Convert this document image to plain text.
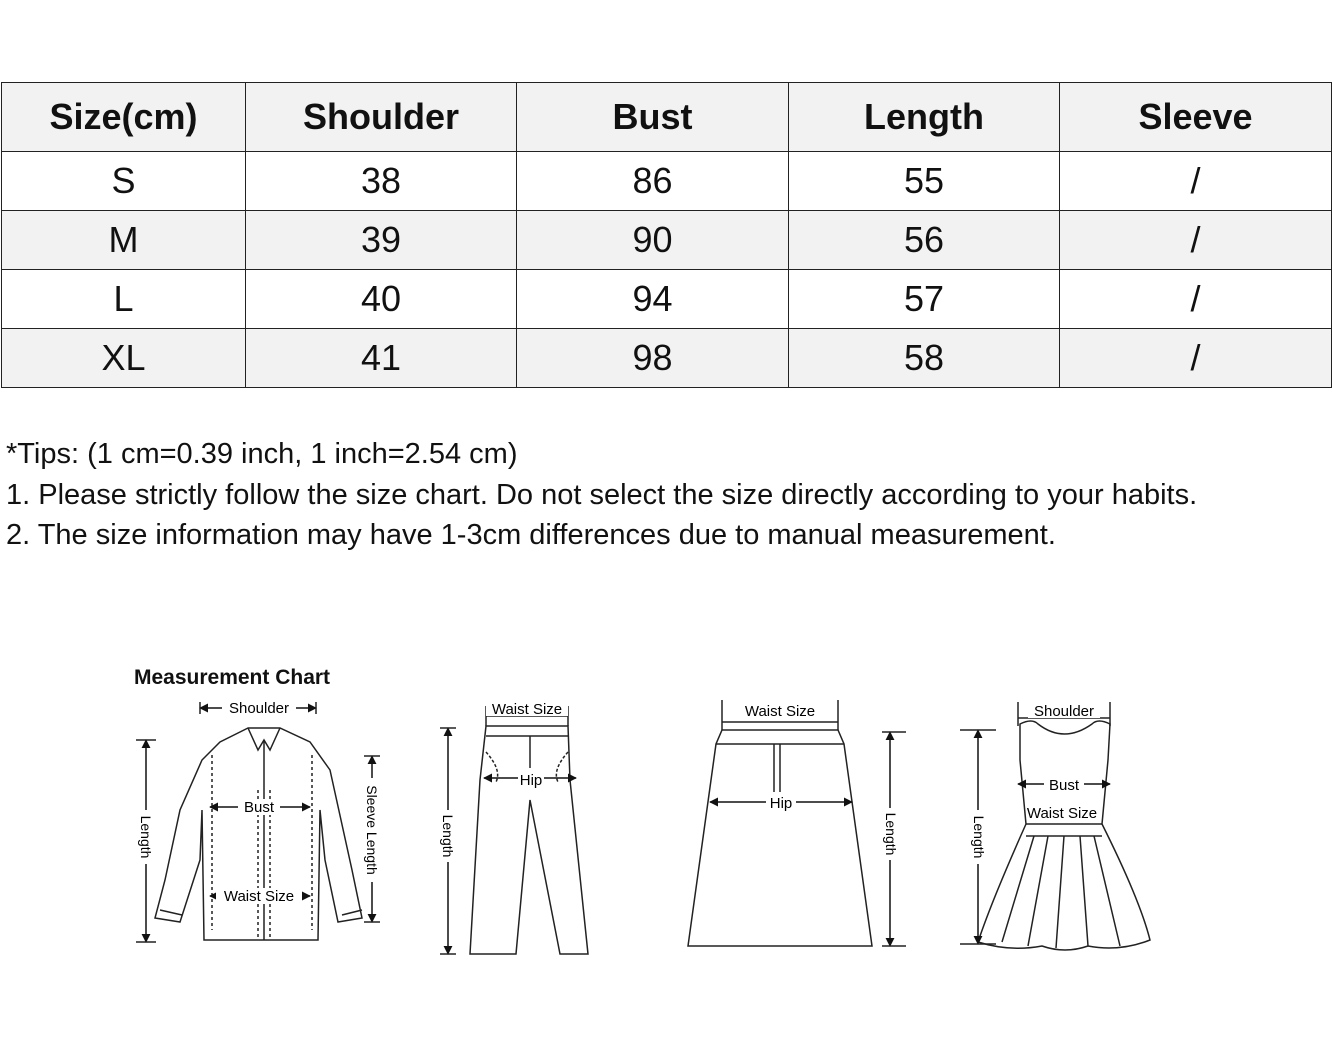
Size(cm)	Shoulder	Bust	Length	Sleeve
S	38	86	55	/
M	39	90	56	/
L	40	94	57	/
XL	41	98	58	/
*Tips: (1 cm=0.39 inch, 1 inch=2.54 cm)
1. Please strictly follow the size chart. Do not select the size directly according to your habits.
2. The size information may have 1-3cm differences due to manual measurement.
Shoulder
Bust
Waist Size
Length	Sleeve Length
Waist Size
Hip
Length
Waist Size
Hip
Length
Shoulder
Bust
Waist Size
Length
Measurement Chart
